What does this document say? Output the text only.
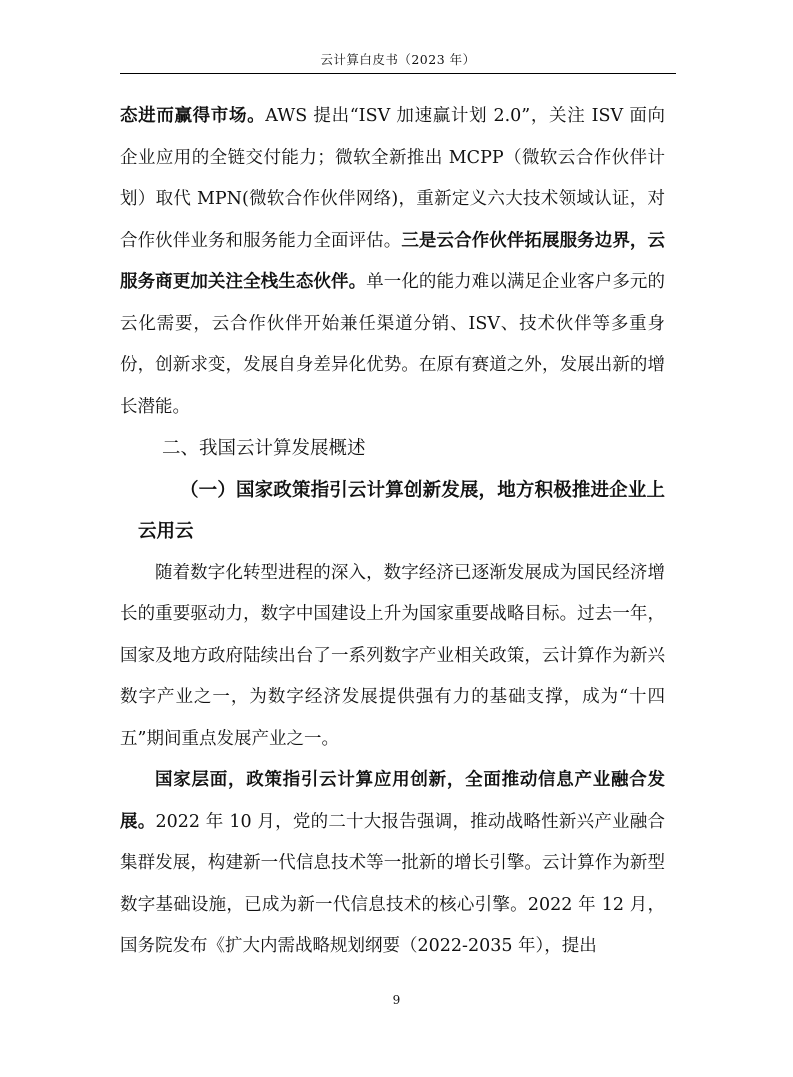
云计算白皮书（2023 年）

态进而赢得市场。AWS 提出“ISV 加速赢计划 2.0”，关注 ISV 面向企业应用的全链交付能力；微软全新推出 MCPP（微软云合作伙伴计划）取代 MPN(微软合作伙伴网络)，重新定义六大技术领域认证，对合作伙伴业务和服务能力全面评估。三是云合作伙伴拓展服务边界，云服务商更加关注全栈生态伙伴。单一化的能力难以满足企业客户多元的云化需要，云合作伙伴开始兼任渠道分销、ISV、技术伙伴等多重身份，创新求变，发展自身差异化优势。在原有赛道之外，发展出新的增长潜能。

二、我国云计算发展概述

（一）国家政策指引云计算创新发展，地方积极推进企业上云用云

随着数字化转型进程的深入，数字经济已逐渐发展成为国民经济增长的重要驱动力，数字中国建设上升为国家重要战略目标。过去一年，国家及地方政府陆续出台了一系列数字产业相关政策，云计算作为新兴数字产业之一，为数字经济发展提供强有力的基础支撑，成为“十四五”期间重点发展产业之一。

国家层面，政策指引云计算应用创新，全面推动信息产业融合发展。2022 年 10 月，党的二十大报告强调，推动战略性新兴产业融合集群发展，构建新一代信息技术等一批新的增长引擎。云计算作为新型数字基础设施，已成为新一代信息技术的核心引擎。2022 年 12 月，国务院发布《扩大内需战略规划纲要（2022-2035 年），提出

9
